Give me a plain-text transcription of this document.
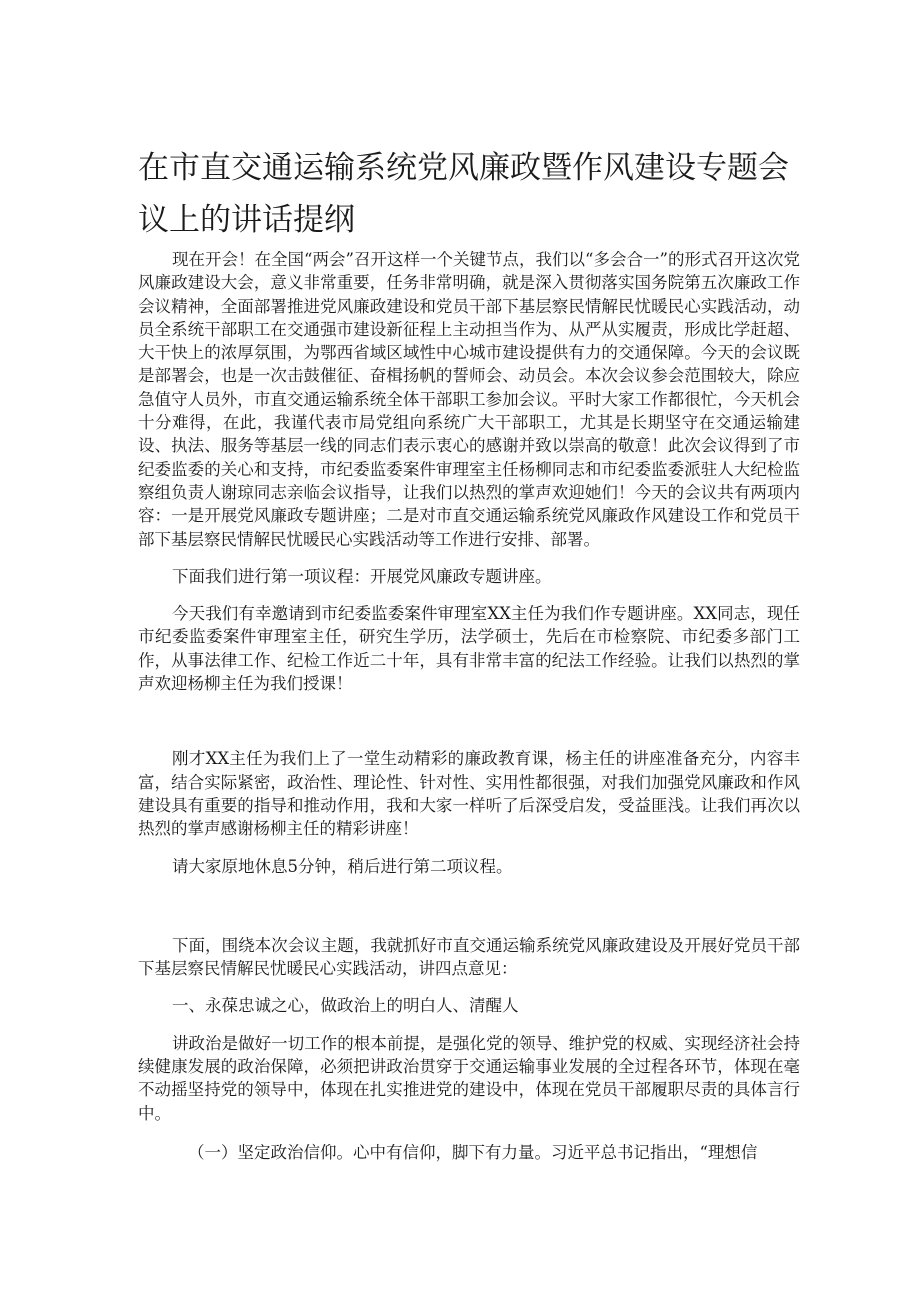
在市直交通运输系统党风廉政暨作风建设专题会议上的讲话提纲

现在开会！在全国“两会”召开这样一个关键节点，我们以“多会合一”的形式召开这次党风廉政建设大会，意义非常重要，任务非常明确，就是深入贯彻落实国务院第五次廉政工作会议精神，全面部署推进党风廉政建设和党员干部下基层察民情解民忧暖民心实践活动，动员全系统干部职工在交通强市建设新征程上主动担当作为、从严从实履责，形成比学赶超、大干快上的浓厚氛围，为鄂西省域区域性中心城市建设提供有力的交通保障。今天的会议既是部署会，也是一次击鼓催征、奋楫扬帆的誓师会、动员会。本次会议参会范围较大，除应急值守人员外，市直交通运输系统全体干部职工参加会议。平时大家工作都很忙，今天机会十分难得，在此，我谨代表市局党组向系统广大干部职工，尤其是长期坚守在交通运输建设、执法、服务等基层一线的同志们表示衷心的感谢并致以崇高的敬意！此次会议得到了市纪委监委的关心和支持，市纪委监委案件审理室主任杨柳同志和市纪委监委派驻人大纪检监察组负责人谢琼同志亲临会议指导，让我们以热烈的掌声欢迎她们！今天的会议共有两项内容：一是开展党风廉政专题讲座；二是对市直交通运输系统党风廉政作风建设工作和党员干部下基层察民情解民忧暖民心实践活动等工作进行安排、部署。

下面我们进行第一项议程：开展党风廉政专题讲座。

今天我们有幸邀请到市纪委监委案件审理室XX主任为我们作专题讲座。XX同志，现任市纪委监委案件审理室主任，研究生学历，法学硕士，先后在市检察院、市纪委多部门工作，从事法律工作、纪检工作近二十年，具有非常丰富的纪法工作经验。让我们以热烈的掌声欢迎杨柳主任为我们授课！

刚才XX主任为我们上了一堂生动精彩的廉政教育课，杨主任的讲座准备充分，内容丰富，结合实际紧密，政治性、理论性、针对性、实用性都很强，对我们加强党风廉政和作风建设具有重要的指导和推动作用，我和大家一样听了后深受启发，受益匪浅。让我们再次以热烈的掌声感谢杨柳主任的精彩讲座！

请大家原地休息5分钟，稍后进行第二项议程。

下面，围绕本次会议主题，我就抓好市直交通运输系统党风廉政建设及开展好党员干部下基层察民情解民忧暖民心实践活动，讲四点意见：

一、永葆忠诚之心，做政治上的明白人、清醒人

讲政治是做好一切工作的根本前提，是强化党的领导、维护党的权威、实现经济社会持续健康发展的政治保障，必须把讲政治贯穿于交通运输事业发展的全过程各环节，体现在毫不动摇坚持党的领导中，体现在扎实推进党的建设中，体现在党员干部履职尽责的具体言行中。

（一）坚定政治信仰。心中有信仰，脚下有力量。习近平总书记指出，“理想信
